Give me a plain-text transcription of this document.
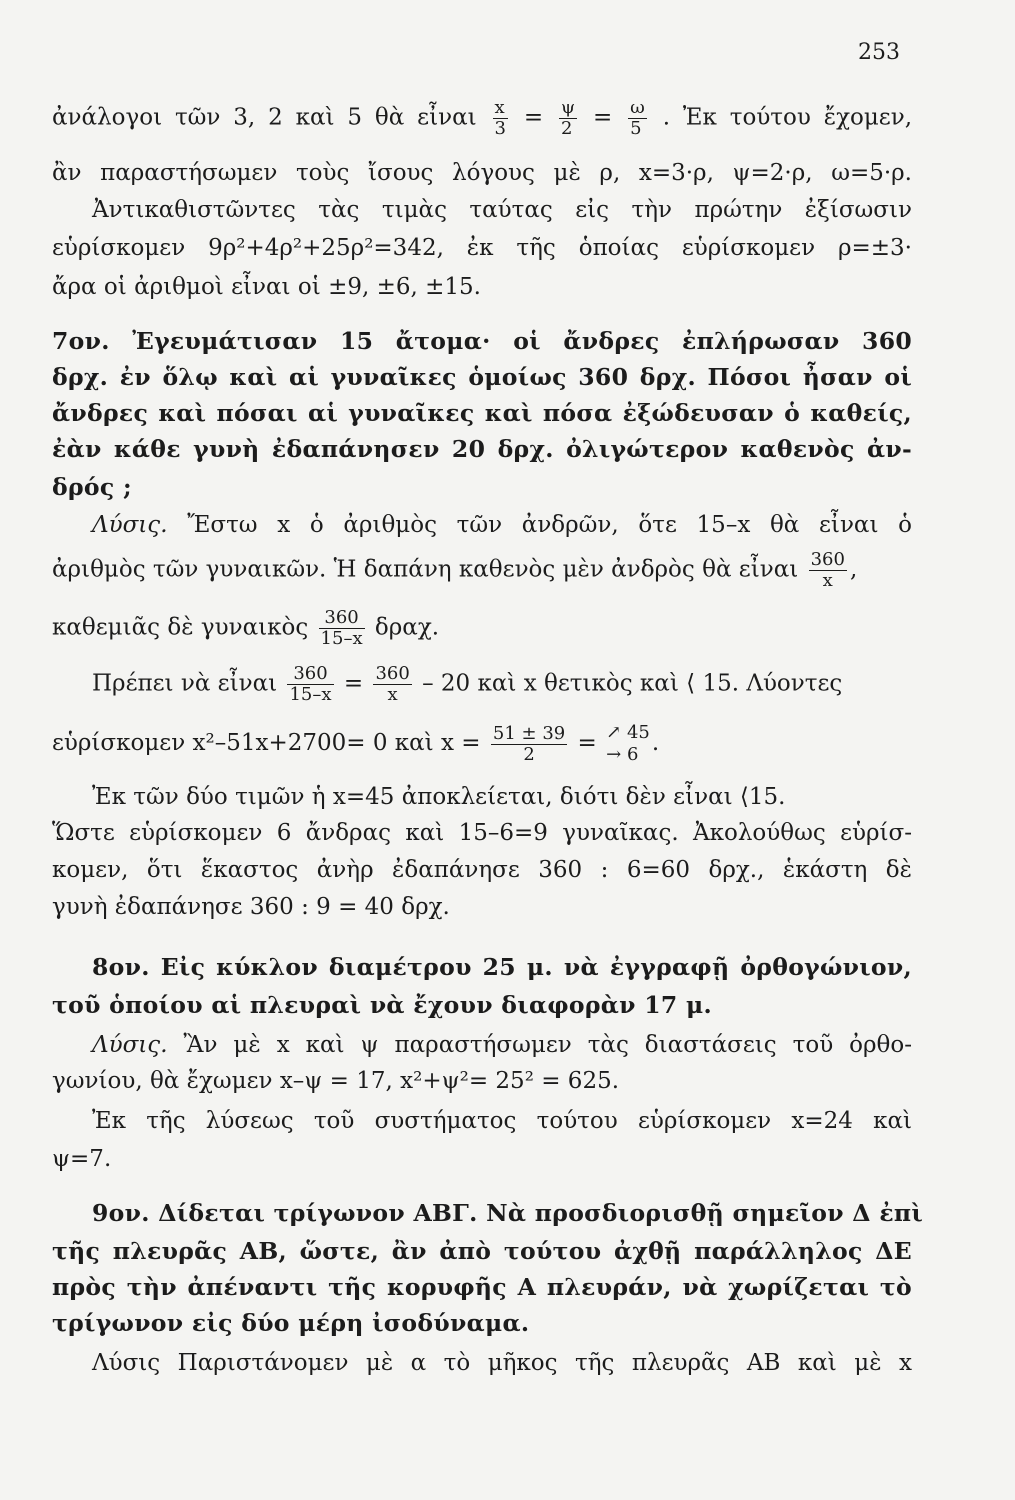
253
ἀνάλογοι τῶν 3, 2 καὶ 5 θὰ εἶναι $\frac{x}{3} = \frac{\psi}{2} = \frac{\omega}{5}$ . Ἐκ τούτου ἔχομεν,
ἂν παραστήσωμεν τοὺς ἴσους λόγους μὲ ρ, x=3·ρ, ψ=2·ρ, ω=5·ρ.
Ἀντικαθιστῶντες τὰς τιμὰς ταύτας εἰς τὴν πρώτην ἐξίσωσιν
εὑρίσκομεν 9ρ²+4ρ²+25ρ²=342, ἐκ τῆς ὁποίας εὑρίσκομεν ρ=±3·
ἄρα οἱ ἀριθμοὶ εἶναι οἱ ±9, ±6, ±15.
7ον. Ἐγευμάτισαν 15 ἄτομα· οἱ ἄνδρες ἐπλήρωσαν 360
δρχ. ἐν ὅλῳ καὶ αἱ γυναῖκες ὁμοίως 360 δρχ. Πόσοι ἦσαν οἱ
ἄνδρες καὶ πόσαι αἱ γυναῖκες καὶ πόσα ἐξώδευσαν ὁ καθείς,
ἐὰν κάθε γυνὴ ἐδαπάνησεν 20 δρχ. ὀλιγώτερον καθενὸς ἀν-
δρός ;
Λύσις. Ἔστω x ὁ ἀριθμὸς τῶν ἀνδρῶν, ὅτε 15–x θὰ εἶναι ὁ
ἀριθμὸς τῶν γυναικῶν. Ἡ δαπάνη καθενὸς μὲν ἀνδρὸς θὰ εἶναι $\frac{360}{x}$ ,
καθεμιᾶς δὲ γυναικὸς $\frac{360}{15-x} \delta\rho\alpha\chi$.
Πρέπει νὰ εἶναι $\frac{360}{15-x} = \frac{360}{x} - 20$ καὶ x θετικὸς καὶ ⟨ 15. Λύοντες
εὑρίσκομεν x²–51x+2700= 0 καὶ $x = \frac{51 \pm 39}{2}$ = ↗ 45
→ 6 .
Ἐκ τῶν δύο τιμῶν ἡ x=45 ἀποκλείεται, διότι δὲν εἶναι ⟨15.
Ὥστε εὑρίσκομεν 6 ἄνδρας καὶ 15–6=9 γυναῖκας. Ἀκολούθως εὑρίσ-
κομεν, ὅτι ἕκαστος ἀνὴρ ἐδαπάνησε 360 : 6=60 δρχ., ἑκάστη δὲ
γυνὴ ἐδαπάνησε 360 : 9 = 40 δρχ.
8ον. Εἰς κύκλον διαμέτρου 25 μ. νὰ ἐγγραφῇ ὀρθογώνιον,
τοῦ ὁποίου αἱ πλευραὶ νὰ ἔχουν διαφορὰν 17 μ.
Λύσις. Ἂν μὲ x καὶ ψ παραστήσωμεν τὰς διαστάσεις τοῦ ὀρθο-
γωνίου, θὰ ἔχωμεν x–ψ = 17, x²+ψ²= 25² = 625.
Ἐκ τῆς λύσεως τοῦ συστήματος τούτου εὑρίσκομεν x=24 καὶ
ψ=7.
9ον. Δίδεται τρίγωνον ΑΒΓ. Νὰ προσδιορισθῇ σημεῖον Δ ἐπὶ
τῆς πλευρᾶς ΑΒ, ὥστε, ἂν ἀπὸ τούτου ἀχθῇ παράλληλος ΔΕ
πρὸς τὴν ἀπέναντι τῆς κορυφῆς Α πλευράν, νὰ χωρίζεται τὸ
τρίγωνον εἰς δύο μέρη ἰσοδύναμα.
Λύσις Παριστάνομεν μὲ α τὸ μῆκος τῆς πλευρᾶς ΑΒ καὶ μὲ x
